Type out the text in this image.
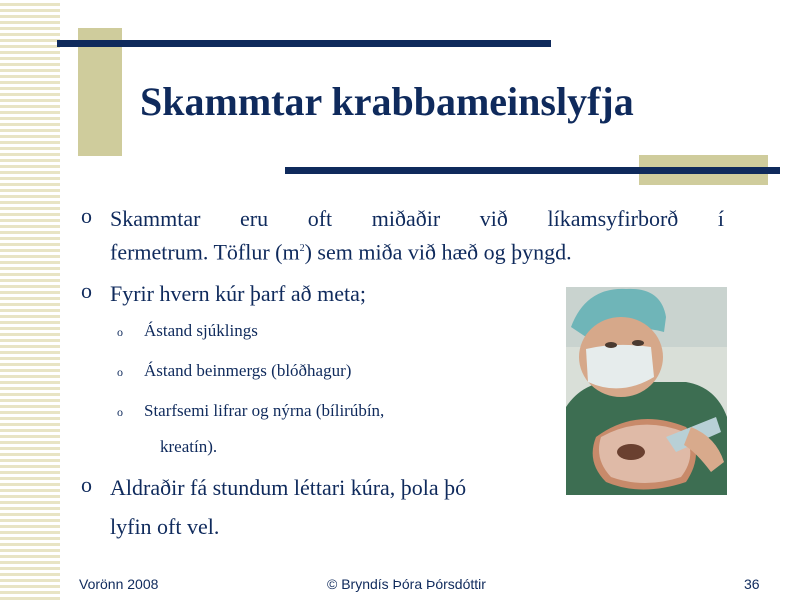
Skammtar krabbameinslyfja
o Skammtar eru oft miðaðir við líkamsyfirborð í
fermetrum. Töflur $(m^2)$ sem miða við hæð og þyngd.
o Fyrir hvern kúr þarf að meta;
o Ástand sjúklings
o Ástand beinmergs (blóðhagur)
o Starfsemi lifrar og nýrna (bílirúbín,
kreatín).
o Aldraðir fá stundum léttari kúra, þola þó
lyfin oft vel.
Vorönn 2008	© Bryndís Þóra Þórsdóttir	36
